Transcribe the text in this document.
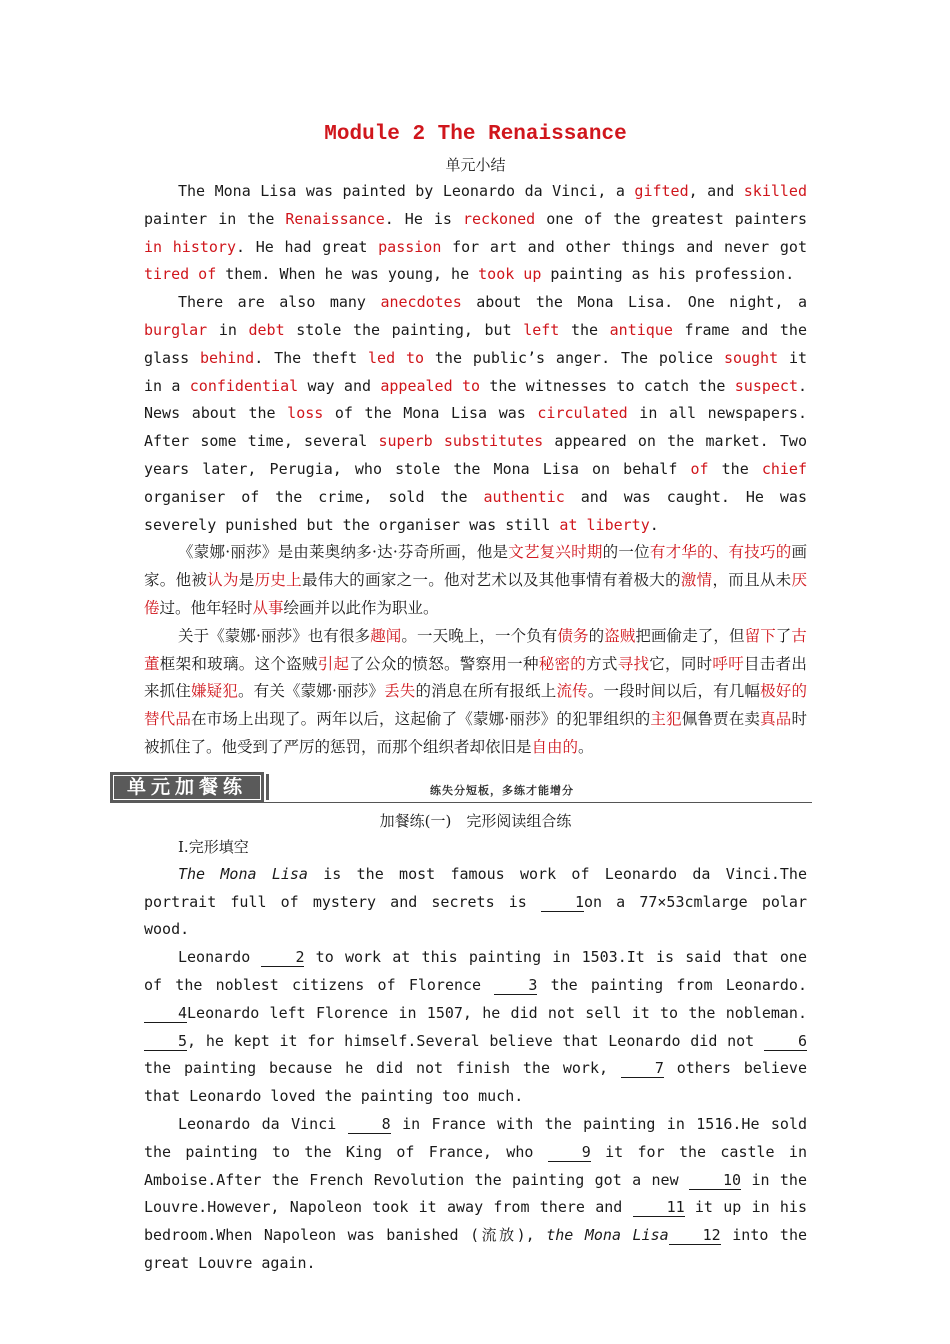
Module 2 The Renaissance
单元小结

The Mona Lisa was painted by Leonardo da Vinci, a gifted, and skilled painter in the Renaissance. He is reckoned one of the greatest painters in history. He had great passion for art and other things and never got tired of them. When he was young, he took up painting as his profession.

There are also many anecdotes about the Mona Lisa. One night, a burglar in debt stole the painting, but left the antique frame and the glass behind. The theft led to the public’s anger. The police sought it in a confidential way and appealed to the witnesses to catch the suspect. News about the loss of the Mona Lisa was circulated in all newspapers. After some time, several superb substitutes appeared on the market. Two years later, Perugia, who stole the Mona Lisa on behalf of the chief organiser of the crime, sold the authentic and was caught. He was severely punished but the organiser was still at liberty.

《蒙娜·丽莎》是由莱奥纳多·达·芬奇所画，他是文艺复兴时期的一位有才华的、有技巧的画家。他被认为是历史上最伟大的画家之一。他对艺术以及其他事情有着极大的激情，而且从未厌倦过。他年轻时从事绘画并以此作为职业。

关于《蒙娜·丽莎》也有很多趣闻。一天晚上，一个负有债务的盗贼把画偷走了，但留下了古董框架和玻璃。这个盗贼引起了公众的愤怒。警察用一种秘密的方式寻找它，同时呼吁目击者出来抓住嫌疑犯。有关《蒙娜·丽莎》丢失的消息在所有报纸上流传。一段时间以后，有几幅极好的替代品在市场上出现了。两年以后，这起偷了《蒙娜·丽莎》的犯罪组织的主犯佩鲁贾在卖真品时被抓住了。他受到了严厉的惩罚，而那个组织者却依旧是自由的。

单元加餐练	练失分短板，多练才能增分
加餐练(一)　完形阅读组合练
Ⅰ.完形填空

The Mona Lisa is the most famous work of Leonardo da Vinci.The portrait full of mystery and secrets is 1on a 77×53cmlarge polar wood.

Leonardo 2 to work at this painting in 1503.It is said that one of the noblest citizens of Florence 3 the painting from Leonardo.4Leonardo left Florence in 1507, he did not sell it to the nobleman.5, he kept it for himself.Several believe that Leonardo did not 6 the painting because he did not finish the work, 7 others believe that Leonardo loved the painting too much.

Leonardo da Vinci 8 in France with the painting in 1516.He sold the painting to the King of France, who 9 it for the castle in Amboise.After the French Revolution the painting got a new 10 in the Louvre.However, Napoleon took it away from there and 11 it up in his bedroom.When Napoleon was banished (流放), the Mona Lisa 12 into the great Louvre again.
